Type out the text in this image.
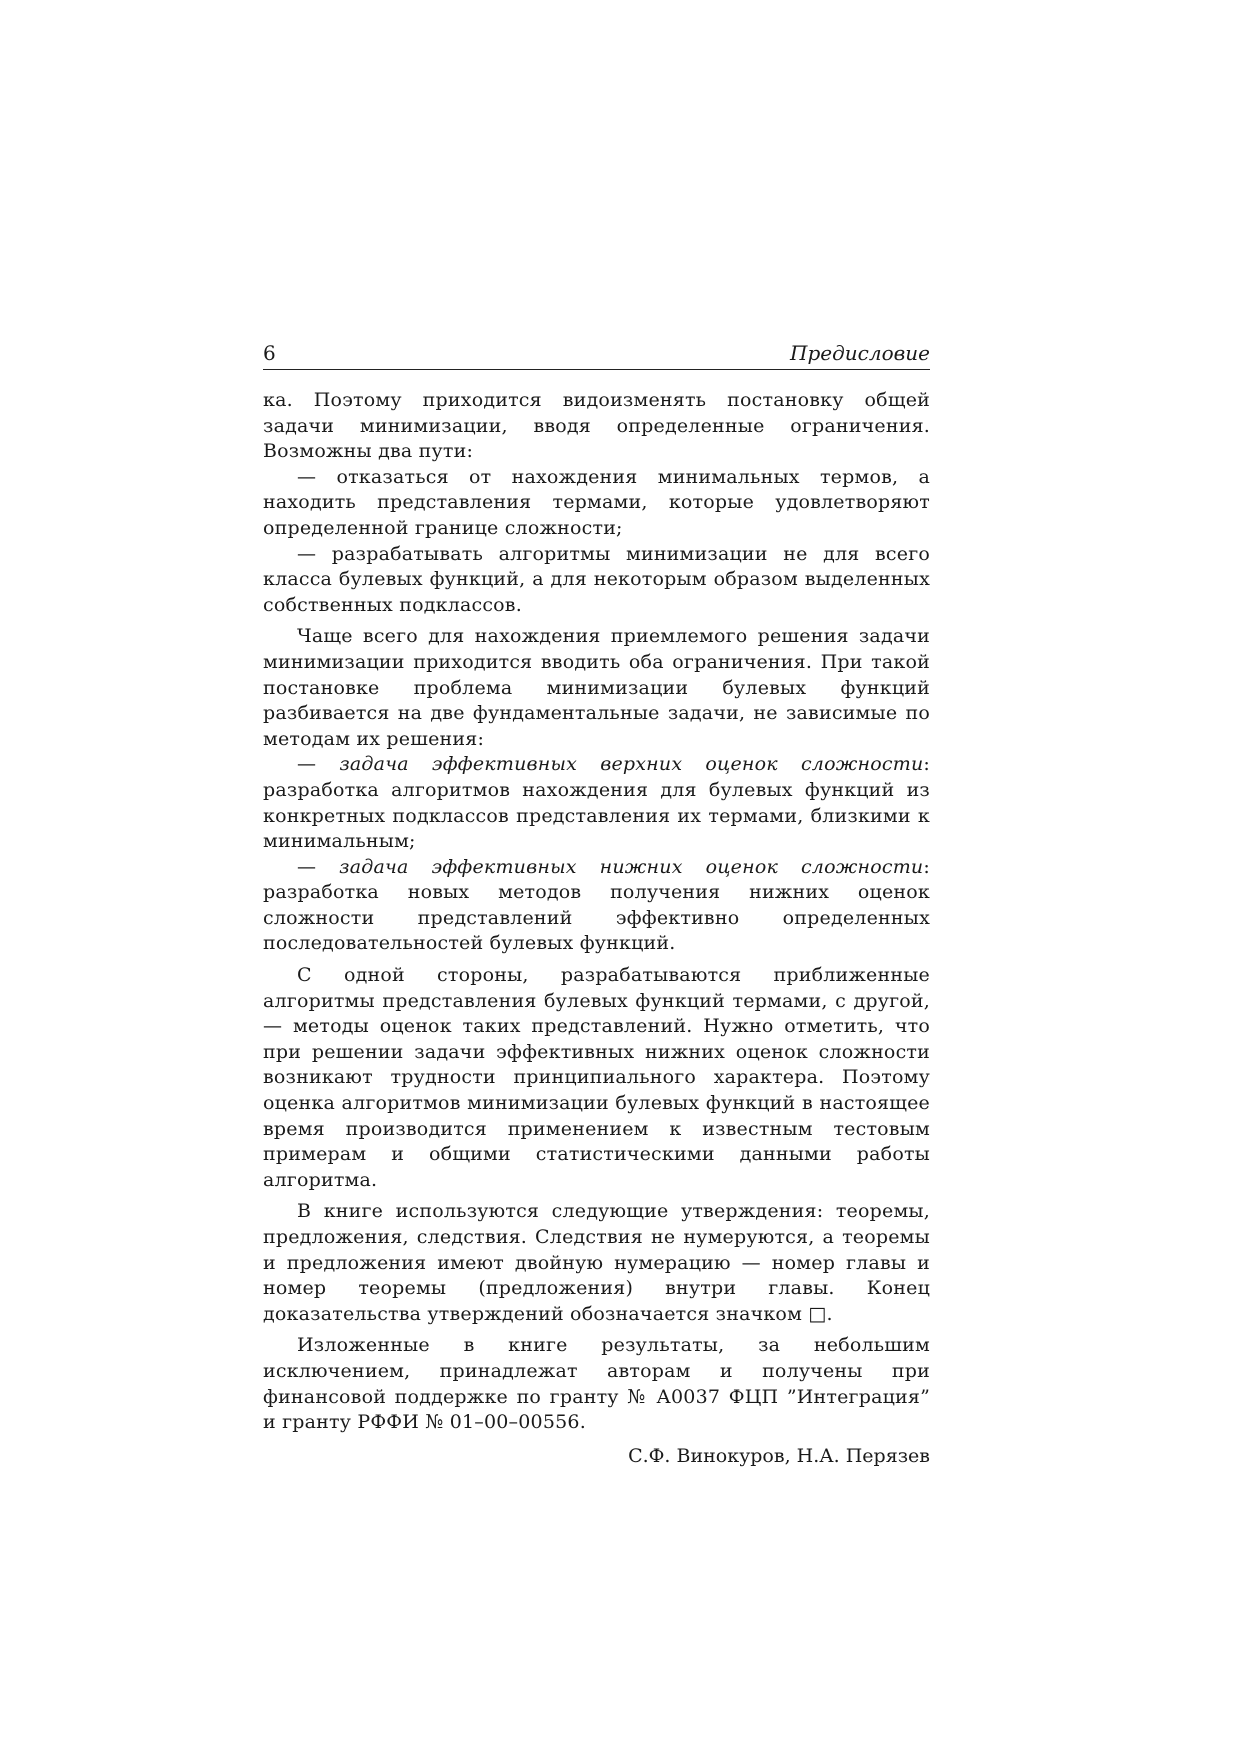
6	Предисловие

ка. Поэтому приходится видоизменять постановку общей задачи минимизации, вводя определенные ограничения. Возможны два пути:

— отказаться от нахождения минимальных термов, а находить представления термами, которые удовлетворяют определенной границе сложности;

— разрабатывать алгоритмы минимизации не для всего класса булевых функций, а для некоторым образом выделенных собственных подклассов.

Чаще всего для нахождения приемлемого решения задачи минимизации приходится вводить оба ограничения. При такой постановке проблема минимизации булевых функций разбивается на две фундаментальные задачи, не зависимые по методам их решения:

— задача эффективных верхних оценок сложности: разработка алгоритмов нахождения для булевых функций из конкретных подклассов представления их термами, близкими к минимальным;

— задача эффективных нижних оценок сложности: разработка новых методов получения нижних оценок сложности представлений эффективно определенных последовательностей булевых функций.

С одной стороны, разрабатываются приближенные алгоритмы представления булевых функций термами, с другой, — методы оценок таких представлений. Нужно отметить, что при решении задачи эффективных нижних оценок сложности возникают трудности принципиального характера. Поэтому оценка алгоритмов минимизации булевых функций в настоящее время производится применением к известным тестовым примерам и общими статистическими данными работы алгоритма.

В книге используются следующие утверждения: теоремы, предложения, следствия. Следствия не нумеруются, а теоремы и предложения имеют двойную нумерацию — номер главы и номер теоремы (предложения) внутри главы. Конец доказательства утверждений обозначается значком □.

Изложенные в книге результаты, за небольшим исключением, принадлежат авторам и получены при финансовой поддержке по гранту № А0037 ФЦП ”Интеграция” и гранту РФФИ № 01–00–00556.

С.Ф. Винокуров, Н.А. Перязев
